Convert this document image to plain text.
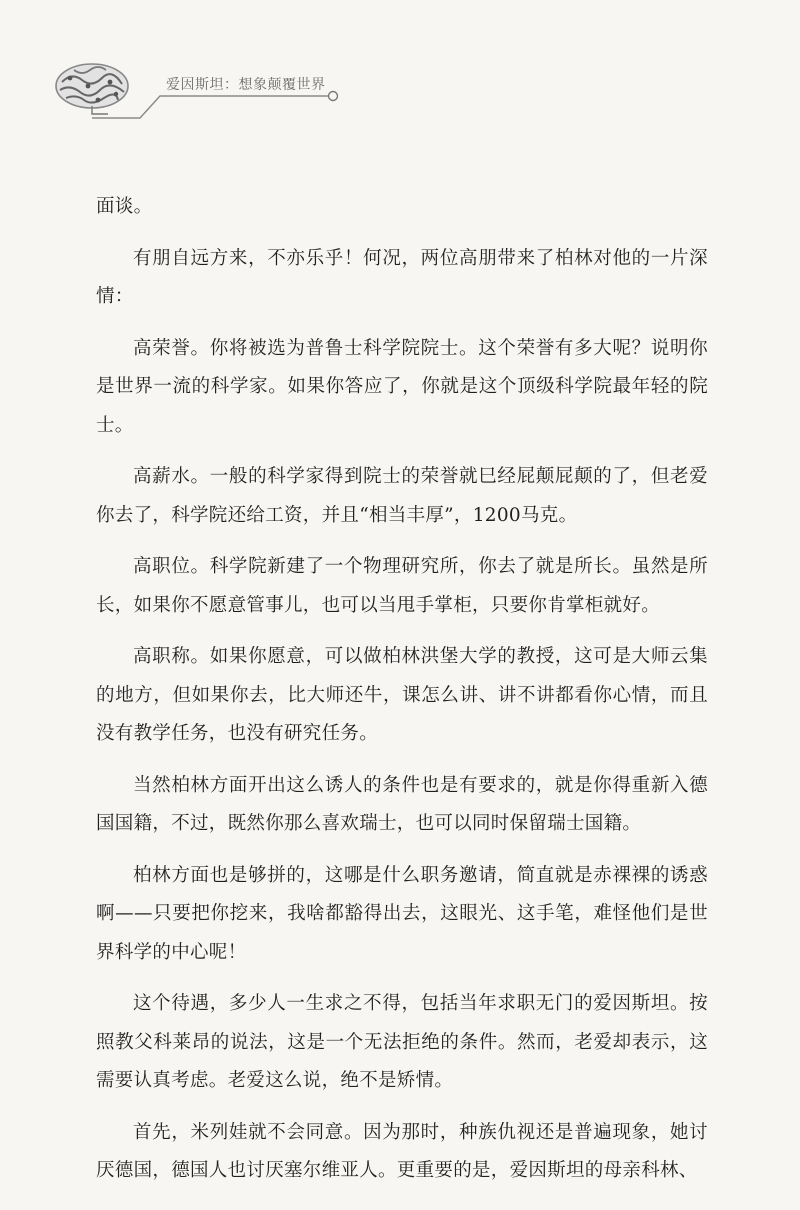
爱因斯坦：想象颠覆世界

面谈。

有朋自远方来，不亦乐乎！何况，两位高朋带来了柏林对他的一片深情：

高荣誉。你将被选为普鲁士科学院院士。这个荣誉有多大呢？说明你是世界一流的科学家。如果你答应了，你就是这个顶级科学院最年轻的院士。

高薪水。一般的科学家得到院士的荣誉就巳经屁颠屁颠的了，但老爱你去了，科学院还给工资，并且“相当丰厚”，1200马克。

高职位。科学院新建了一个物理研究所，你去了就是所长。虽然是所长，如果你不愿意管事儿，也可以当甩手掌柜，只要你肯掌柜就好。

高职称。如果你愿意，可以做柏林洪堡大学的教授，这可是大师云集的地方，但如果你去，比大师还牛，课怎么讲、讲不讲都看你心情，而且没有教学任务，也没有研究任务。

当然柏林方面开出这么诱人的条件也是有要求的，就是你得重新入德国国籍，不过，既然你那么喜欢瑞士，也可以同时保留瑞士国籍。

柏林方面也是够拼的，这哪是什么职务邀请，简直就是赤裸裸的诱惑啊——只要把你挖来，我啥都豁得出去，这眼光、这手笔，难怪他们是世界科学的中心呢！

这个待遇，多少人一生求之不得，包括当年求职无门的爱因斯坦。按照教父科莱昂的说法，这是一个无法拒绝的条件。然而，老爱却表示，这需要认真考虑。老爱这么说，绝不是矫情。

首先，米列娃就不会同意。因为那时，种族仇视还是普遍现象，她讨厌德国，德国人也讨厌塞尔维亚人。更重要的是，爱因斯坦的母亲科林、
